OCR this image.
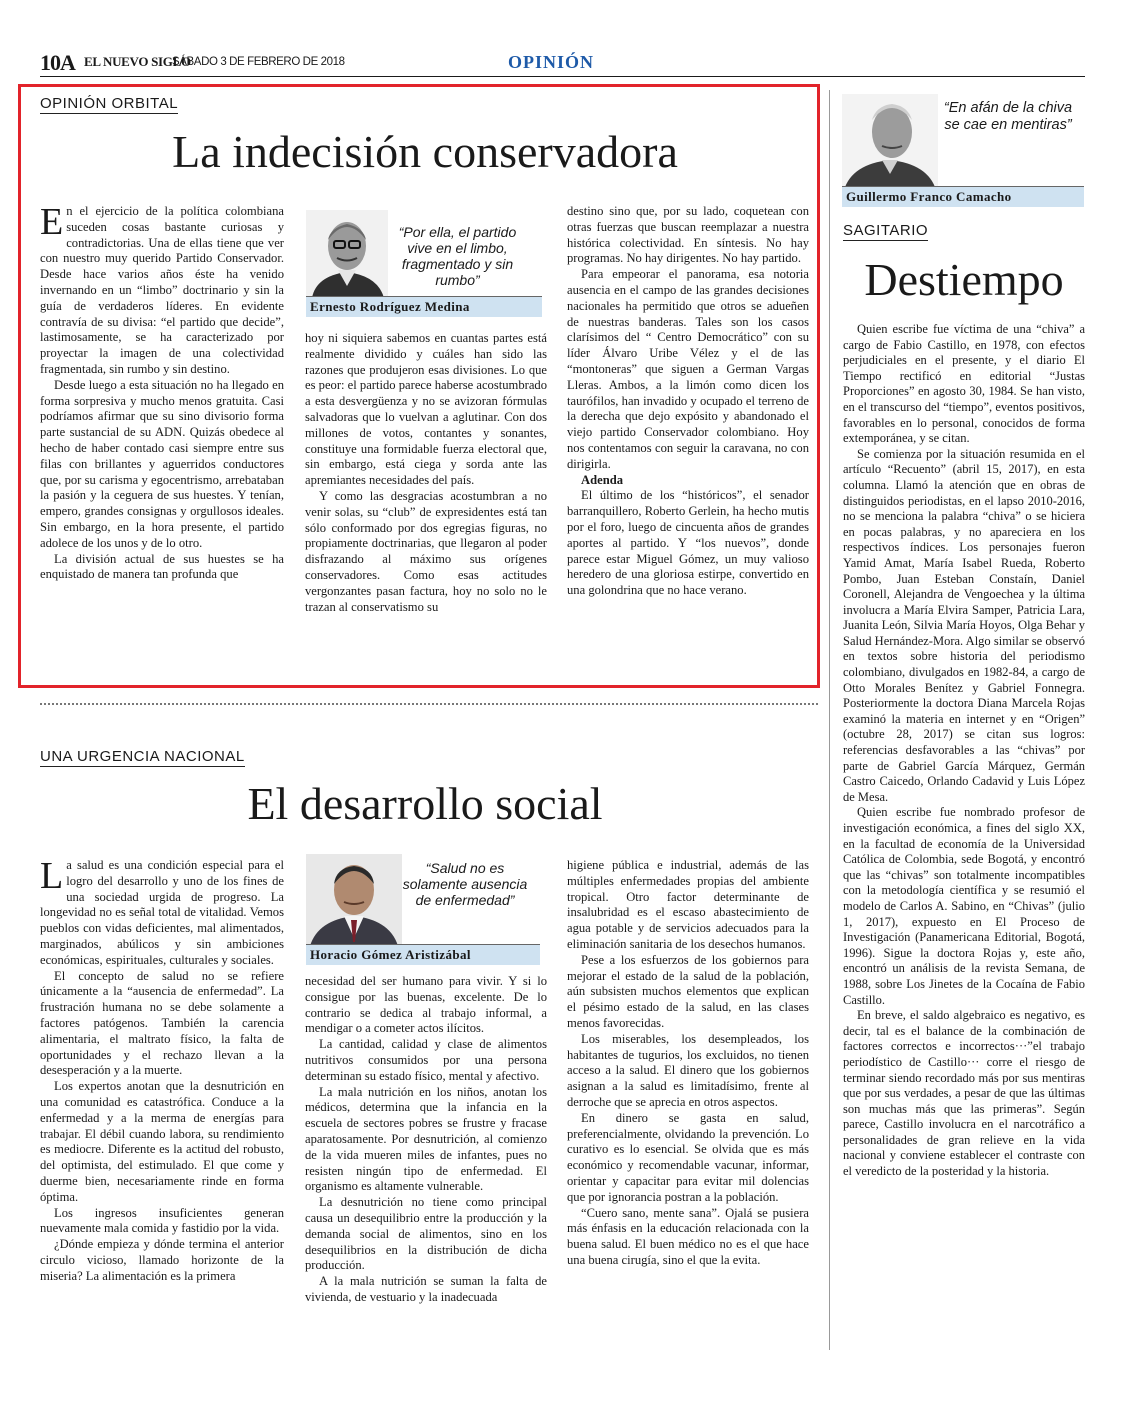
10A EL NUEVO SIGLO
SÁBADO 3 DE FEBRERO DE 2018	OPINIÓN
OPINIÓN ORBITAL
La indecisión conservadora
E n el ejercicio de la política colombiana suceden cosas bastante curiosas y contradictorias. Una de ellas tiene que ver con nuestro muy querido Partido Conservador. Desde hace varios años éste ha venido invernando en un “limbo” doctrinario y sin la guía de verdaderos líderes. En evidente contravía de su divisa: “el partido que decide”, lastimosamente, se ha caracterizado por proyectar la imagen de una colectividad fragmentada, sin rumbo y sin destino.

Desde luego a esta situación no ha llegado en forma sorpresiva y mucho menos gratuita. Casi podríamos afirmar que su sino divisorio forma parte sustancial de su ADN. Quizás obedece al hecho de haber contado casi siempre entre sus filas con brillantes y aguerridos conductores que, por su carisma y egocentrismo, arrebataban la pasión y la ceguera de sus huestes. Y tenían, empero, grandes consignas y orgullosos ideales. Sin embargo, en la hora presente, el partido adolece de los unos y de lo otro.

La división actual de sus huestes se ha enquistado de manera tan profunda que

“Por ella, el partido vive en el limbo, fragmentado y sin rumbo”
Ernesto Rodríguez Medina

hoy ni siquiera sabemos en cuantas partes está realmente dividido y cuáles han sido las razones que produjeron esas divisiones. Lo que es peor: el partido parece haberse acostumbrado a esta desvergüenza y no se avizoran fórmulas salvadoras que lo vuelvan a aglutinar. Con dos millones de votos, contantes y sonantes, constituye una formidable fuerza electoral que, sin embargo, está ciega y sorda ante las apremiantes necesidades del país.

Y como las desgracias acostumbran a no venir solas, su “club” de expresidentes está tan sólo conformado por dos egregias figuras, no propiamente doctrinarias, que llegaron al poder disfrazando al máximo sus orígenes conservadores. Como esas actitudes vergonzantes pasan factura, hoy no solo no le trazan al conservatismo su

destino sino que, por su lado, coquetean con otras fuerzas que buscan reemplazar a nuestra histórica colectividad. En síntesis. No hay programas. No hay dirigentes. No hay partido.

Para empeorar el panorama, esa notoria ausencia en el campo de las grandes decisiones nacionales ha permitido que otros se adueñen de nuestras banderas. Tales son los casos clarísimos del “ Centro Democrático” con su líder Álvaro Uribe Vélez y el de las “montoneras” que siguen a German Vargas Lleras. Ambos, a la limón como dicen los taurófilos, han invadido y ocupado el terreno de la derecha que dejo expósito y abandonado el viejo partido Conservador colombiano. Hoy nos contentamos con seguir la caravana, no con dirigirla.

Adenda

El último de los “históricos”, el senador barranquillero, Roberto Gerlein, ha hecho mutis por el foro, luego de cincuenta años de grandes aportes al partido. Y “los nuevos”, donde parece estar Miguel Gómez, un muy valioso heredero de una gloriosa estirpe, convertido en una golondrina que no hace verano.

UNA URGENCIA NACIONAL
El desarrollo social
L a salud es una condición especial para el logro del desarrollo y uno de los fines de una sociedad urgida de progreso. La longevidad no es señal total de vitalidad. Vemos pueblos con vidas deficientes, mal alimentados, marginados, abúlicos y sin ambiciones económicas, espirituales, culturales y sociales.

El concepto de salud no se refiere únicamente a la “ausencia de enfermedad”. La frustración humana no se debe solamente a factores patógenos. También la carencia alimentaria, el maltrato físico, la falta de oportunidades y el rechazo llevan a la desesperación y a la muerte.

Los expertos anotan que la desnutrición en una comunidad es catastrófica. Conduce a la enfermedad y a la merma de energías para trabajar. El débil cuando labora, su rendimiento es mediocre. Diferente es la actitud del robusto, del optimista, del estimulado. El que come y duerme bien, necesariamente rinde en forma óptima.

Los ingresos insuficientes generan nuevamente mala comida y fastidio por la vida.

¿Dónde empieza y dónde termina el anterior circulo vicioso, llamado horizonte de la miseria? La alimentación es la primera

“Salud no es solamente ausencia de enfermedad”
Horacio Gómez Aristizábal

necesidad del ser humano para vivir. Y si lo consigue por las buenas, excelente. De lo contrario se dedica al trabajo informal, a mendigar o a cometer actos ilícitos.

La cantidad, calidad y clase de alimentos nutritivos consumidos por una persona determinan su estado físico, mental y afectivo.

La mala nutrición en los niños, anotan los médicos, determina que la infancia en la escuela de sectores pobres se frustre y fracase aparatosamente. Por desnutrición, al comienzo de la vida mueren miles de infantes, pues no resisten ningún tipo de enfermedad. El organismo es altamente vulnerable.

La desnutrición no tiene como principal causa un desequilibrio entre la producción y la demanda social de alimentos, sino en los desequilibrios en la distribución de dicha producción.

A la mala nutrición se suman la falta de vivienda, de vestuario y la inadecuada

higiene pública e industrial, además de las múltiples enfermedades propias del ambiente tropical. Otro factor determinante de insalubridad es el escaso abastecimiento de agua potable y de servicios adecuados para la eliminación sanitaria de los desechos humanos.

Pese a los esfuerzos de los gobiernos para mejorar el estado de la salud de la población, aún subsisten muchos elementos que explican el pésimo estado de la salud, en las clases menos favorecidas.

Los miserables, los desempleados, los habitantes de tugurios, los excluidos, no tienen acceso a la salud. El dinero que los gobiernos asignan a la salud es limitadísimo, frente al derroche que se aprecia en otros aspectos.

En dinero se gasta en salud, preferencialmente, olvidando la prevención. Lo curativo es lo esencial. Se olvida que es más económico y recomendable vacunar, informar, orientar y capacitar para evitar mil dolencias que por ignorancia postran a la población.

“Cuero sano, mente sana”. Ojalá se pusiera más énfasis en la educación relacionada con la buena salud. El buen médico no es el que hace una buena cirugía, sino el que la evita.

“En afán de la chiva se cae en mentiras”
Guillermo Franco Camacho
SAGITARIO
Destiempo

Quien escribe fue víctima de una “chiva” a cargo de Fabio Castillo, en 1978, con efectos perjudiciales en el presente, y el diario El Tiempo rectificó en editorial “Justas Proporciones” en agosto 30, 1984. Se han visto, en el transcurso del “tiempo”, eventos positivos, favorables en lo personal, conocidos de forma extemporánea, y se citan.

Se comienza por la situación resumida en el artículo “Recuento” (abril 15, 2017), en esta columna. Llamó la atención que en obras de distinguidos periodistas, en el lapso 2010-2016, no se menciona la palabra “chiva” o se hiciera en pocas palabras, y no apareciera en los respectivos índices. Los personajes fueron Yamid Amat, María Isabel Rueda, Roberto Pombo, Juan Esteban Constaín, Daniel Coronell, Alejandra de Vengoechea y la última involucra a María Elvira Samper, Patricia Lara, Juanita León, Silvia María Hoyos, Olga Behar y Salud Hernández-Mora. Algo similar se observó en textos sobre historia del periodismo colombiano, divulgados en 1982-84, a cargo de Otto Morales Benítez y Gabriel Fonnegra. Posteriormente la doctora Diana Marcela Rojas examinó la materia en internet y en “Origen” (octubre 28, 2017) se citan sus logros: referencias desfavorables a las “chivas” por parte de Gabriel García Márquez, Germán Castro Caicedo, Orlando Cadavid y Luis López de Mesa.

Quien escribe fue nombrado profesor de investigación económica, a fines del siglo XX, en la facultad de economía de la Universidad Católica de Colombia, sede Bogotá, y encontró que las “chivas” son totalmente incompatibles con la metodología científica y se resumió el modelo de Carlos A. Sabino, en “Chivas” (julio 1, 2017), expuesto en El Proceso de Investigación (Panamericana Editorial, Bogotá, 1996). Sigue la doctora Rojas y, este año, encontró un análisis de la revista Semana, de 1988, sobre Los Jinetes de la Cocaína de Fabio Castillo.

En breve, el saldo algebraico es negativo, es decir, tal es el balance de la combinación de factores correctos e incorrectos···”el trabajo periodístico de Castillo··· corre el riesgo de terminar siendo recordado más por sus mentiras que por sus verdades, a pesar de que las últimas son muchas más que las primeras”. Según parece, Castillo involucra en el narcotráfico a personalidades de gran relieve en la vida nacional y conviene establecer el contraste con el veredicto de la posteridad y la historia.
